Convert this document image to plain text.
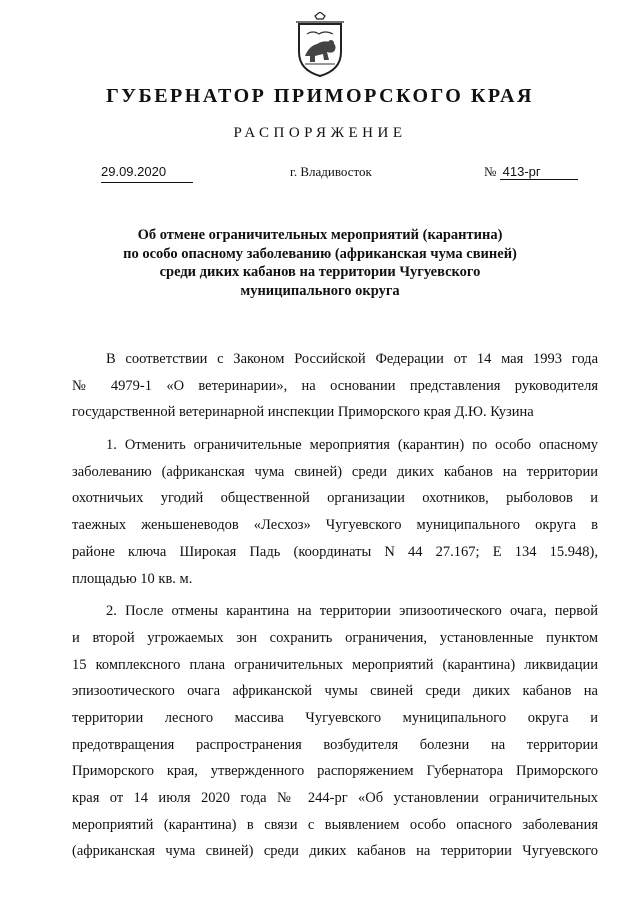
ГУБЕРНАТОР ПРИМОРСКОГО КРАЯ
РАСПОРЯЖЕНИЕ
29.09.2020	г. Владивосток	№ 413-рг
Об отмене ограничительных мероприятий (карантина)
по особо опасному заболеванию (африканская чума свиней)
среди диких кабанов на территории Чугуевского
муниципального округа
В соответствии с Законом Российской Федерации от 14 мая 1993 года
№ 4979-1 «О ветеринарии», на основании представления руководителя
государственной ветеринарной инспекции Приморского края Д.Ю. Кузина
1. Отменить ограничительные мероприятия (карантин) по особо опасному
заболеванию (африканская чума свиней) среди диких кабанов на территории
охотничьих угодий общественной организации охотников, рыболовов и
таежных женьшеневодов «Лесхоз» Чугуевского муниципального округа в
районе ключа Широкая Падь (координаты N 44 27.167; E 134 15.948),
площадью 10 кв. м.
2. После отмены карантина на территории эпизоотического очага, первой
и второй угрожаемых зон сохранить ограничения, установленные пунктом
15 комплексного плана ограничительных мероприятий (карантина) ликвидации
эпизоотического очага африканской чумы свиней среди диких кабанов на
территории лесного массива Чугуевского муниципального округа и
предотвращения распространения возбудителя болезни на территории
Приморского края, утвержденного распоряжением Губернатора Приморского
края от 14 июля 2020 года № 244-рг «Об установлении ограничительных
мероприятий (карантина) в связи с выявлением особо опасного заболевания
(африканская чума свиней) среди диких кабанов на территории Чугуевского
